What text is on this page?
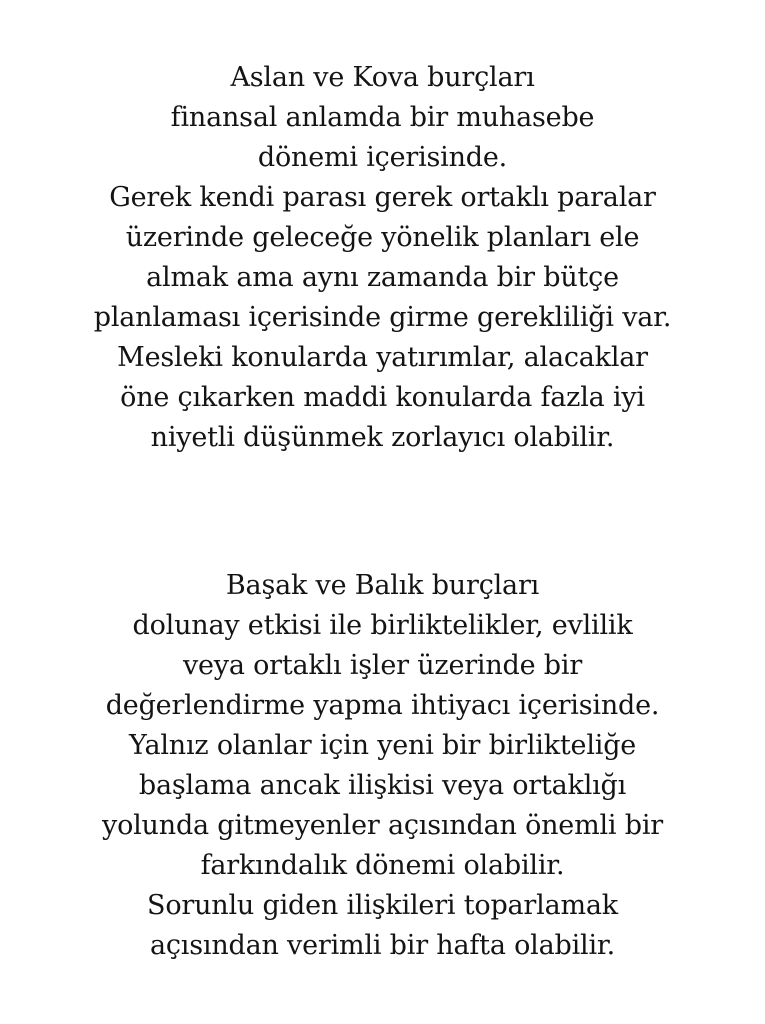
Aslan ve Kova burçları
finansal anlamda bir muhasebe
dönemi içerisinde.
Gerek kendi parası gerek ortaklı paralar
üzerinde geleceğe yönelik planları ele
almak ama aynı zamanda bir bütçe
planlaması içerisinde girme gerekliliği var.
Mesleki konularda yatırımlar, alacaklar
öne çıkarken maddi konularda fazla iyi
niyetli düşünmek zorlayıcı olabilir.
Başak ve Balık burçları
dolunay etkisi ile birliktelikler, evlilik
veya ortaklı işler üzerinde bir
değerlendirme yapma ihtiyacı içerisinde.
Yalnız olanlar için yeni bir birlikteliğe
başlama ancak ilişkisi veya ortaklığı
yolunda gitmeyenler açısından önemli bir
farkındalık dönemi olabilir.
Sorunlu giden ilişkileri toparlamak
açısından verimli bir hafta olabilir.
